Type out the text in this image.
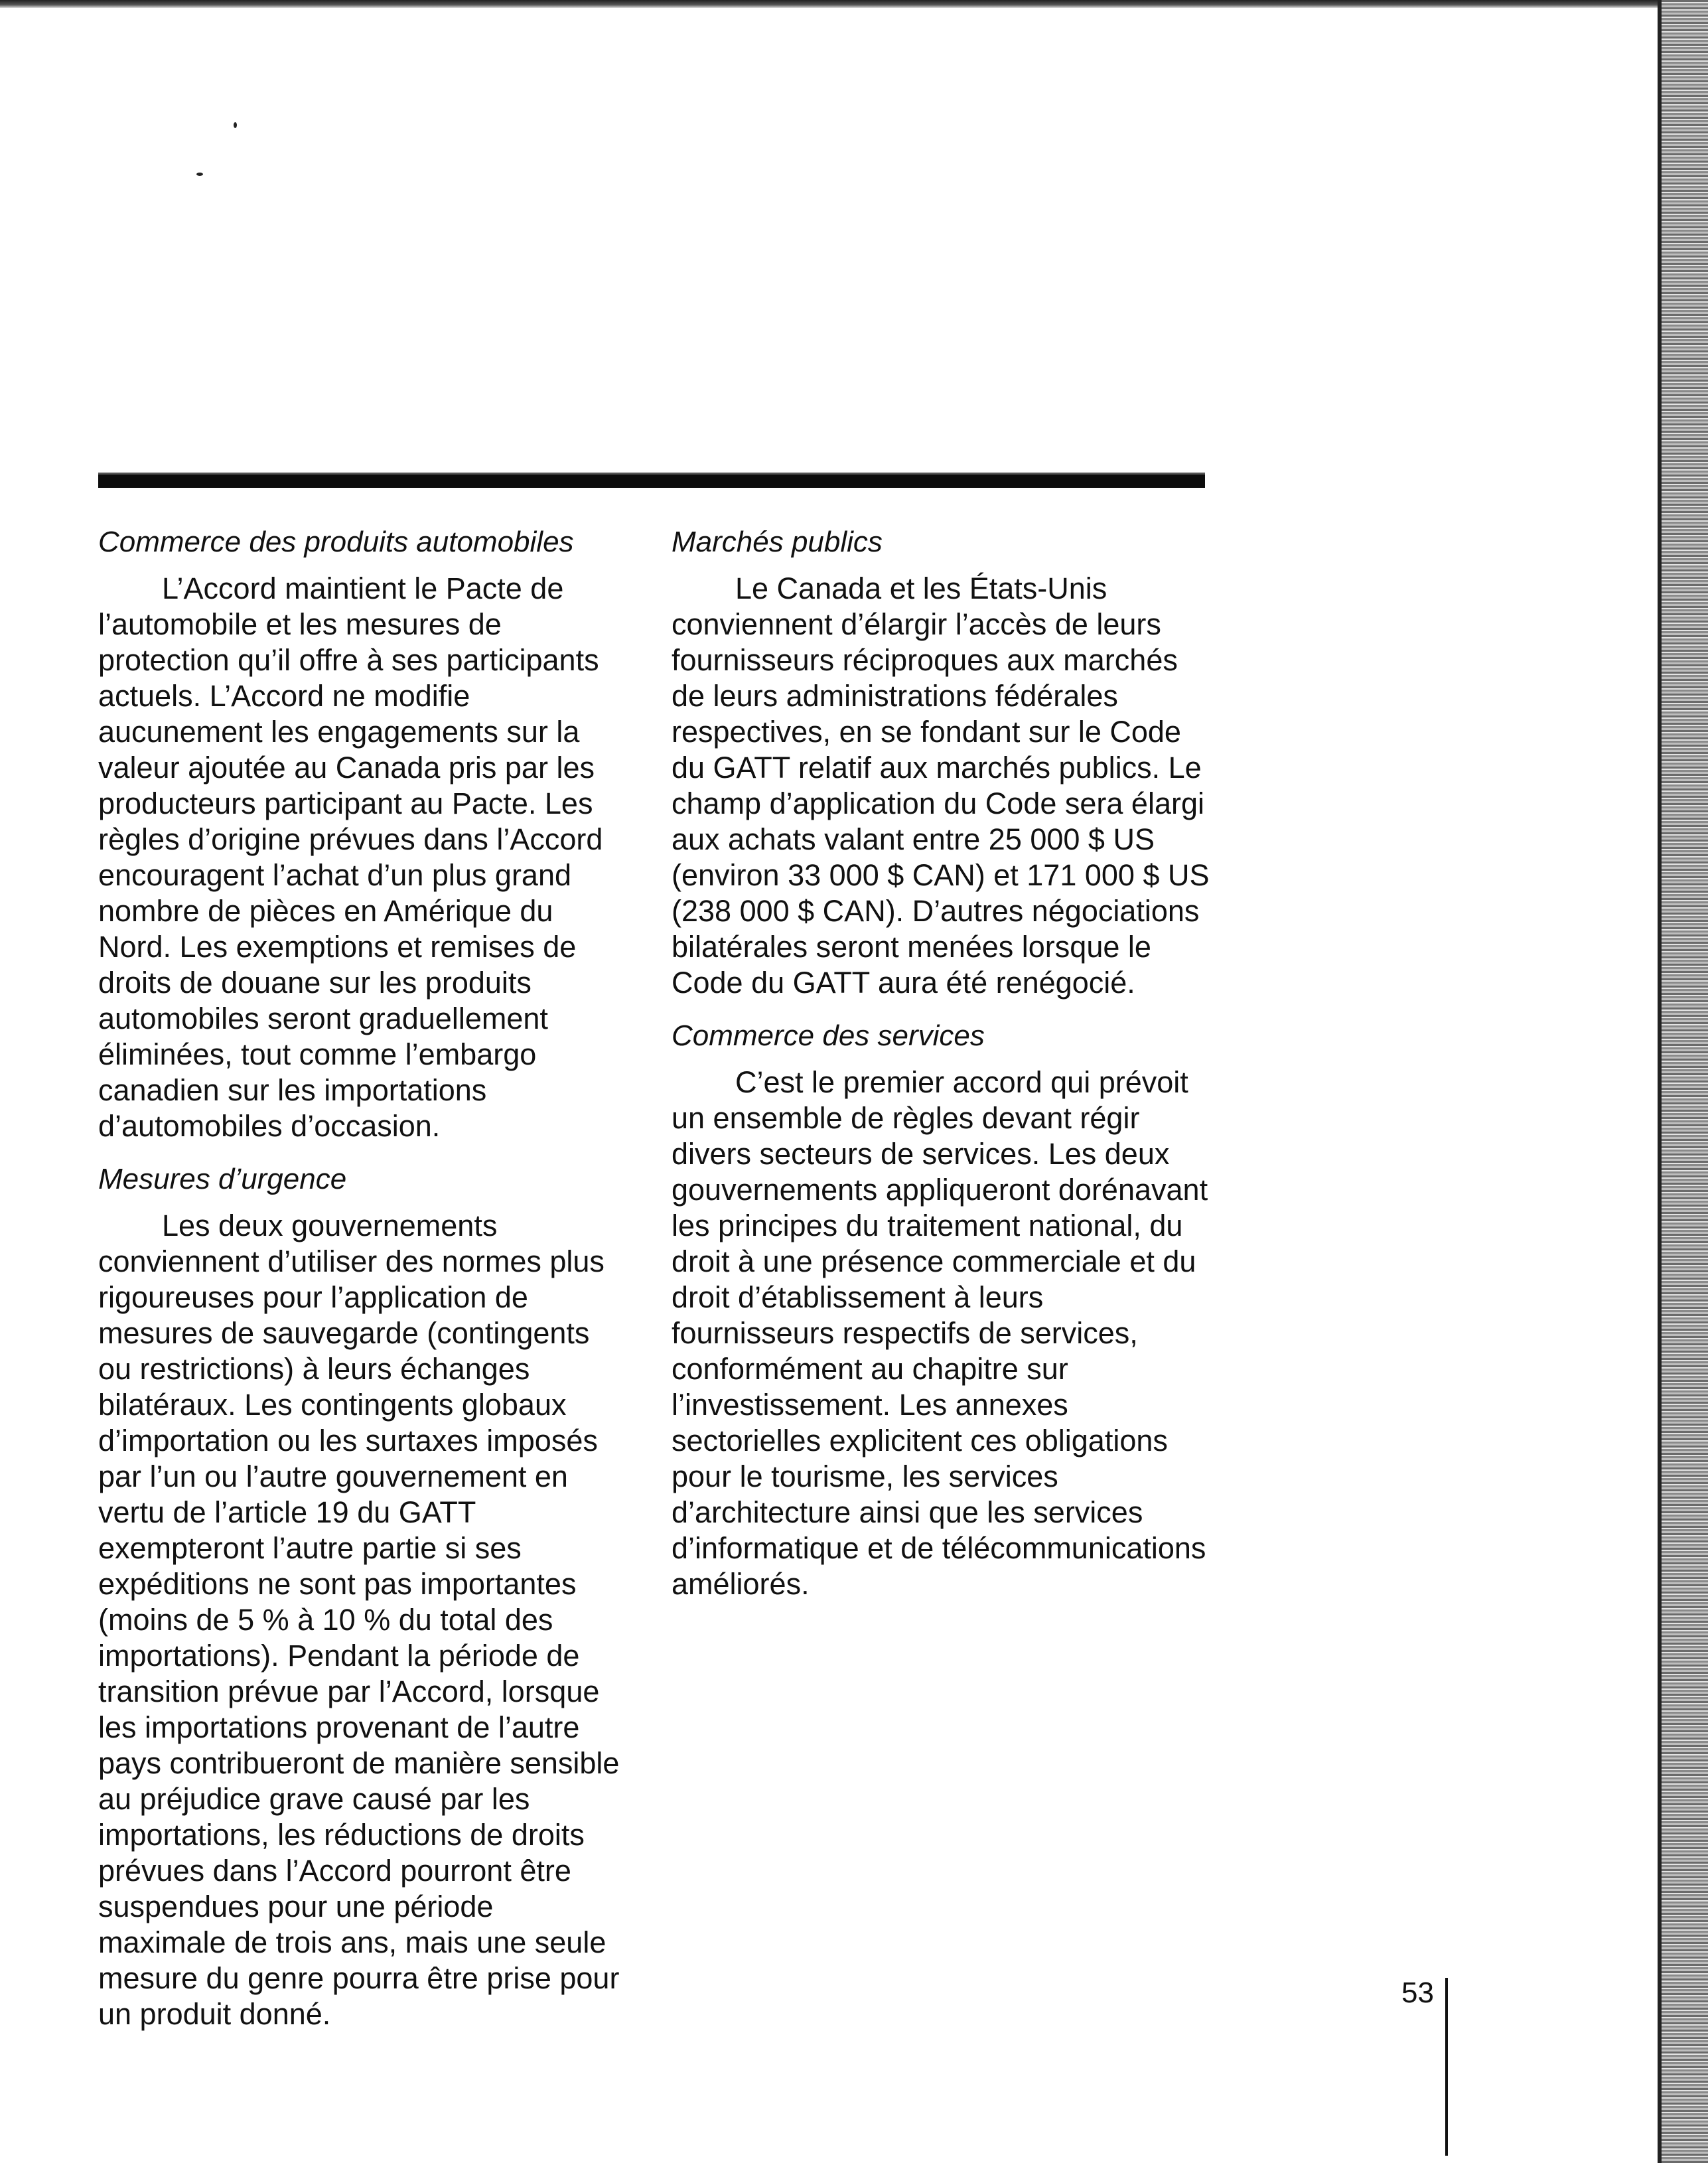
Commerce des produits automobiles

L’Accord maintient le Pacte de l’automobile et les mesures de protection qu’il offre à ses participants actuels. L’Accord ne modifie aucunement les engagements sur la valeur ajoutée au Canada pris par les producteurs participant au Pacte. Les règles d’origine prévues dans l’Accord encouragent l’achat d’un plus grand nombre de pièces en Amérique du Nord. Les exemptions et remises de droits de douane sur les produits automobiles seront graduellement éliminées, tout comme l’embargo canadien sur les importations d’automobiles d’occasion.

Mesures d’urgence

Les deux gouvernements conviennent d’utiliser des normes plus rigoureuses pour l’application de mesures de sauvegarde (contingents ou restrictions) à leurs échanges bilatéraux. Les contingents globaux d’importation ou les surtaxes imposés par l’un ou l’autre gouvernement en vertu de l’article 19 du GATT exempteront l’autre partie si ses expéditions ne sont pas importantes (moins de 5 % à 10 % du total des importations). Pendant la période de transition prévue par l’Accord, lorsque les importations provenant de l’autre pays contribueront de manière sensible au préjudice grave causé par les importations, les réductions de droits prévues dans l’Accord pourront être suspendues pour une période maximale de trois ans, mais une seule mesure du genre pourra être prise pour un produit donné.

Marchés publics

Le Canada et les États-Unis conviennent d’élargir l’accès de leurs fournisseurs réciproques aux marchés de leurs administrations fédérales respectives, en se fondant sur le Code du GATT relatif aux marchés publics. Le champ d’application du Code sera élargi aux achats valant entre 25 000 $ US (environ 33 000 $ CAN) et 171 000 $ US (238 000 $ CAN). D’autres négociations bilatérales seront menées lorsque le Code du GATT aura été renégocié.

Commerce des services

C’est le premier accord qui prévoit un ensemble de règles devant régir divers secteurs de services. Les deux gouvernements appliqueront dorénavant les principes du traitement national, du droit à une présence commerciale et du droit d’établissement à leurs fournisseurs respectifs de services, conformément au chapitre sur l’investissement. Les annexes sectorielles explicitent ces obligations pour le tourisme, les services d’architecture ainsi que les services d’informatique et de télécommunications améliorés.

53
